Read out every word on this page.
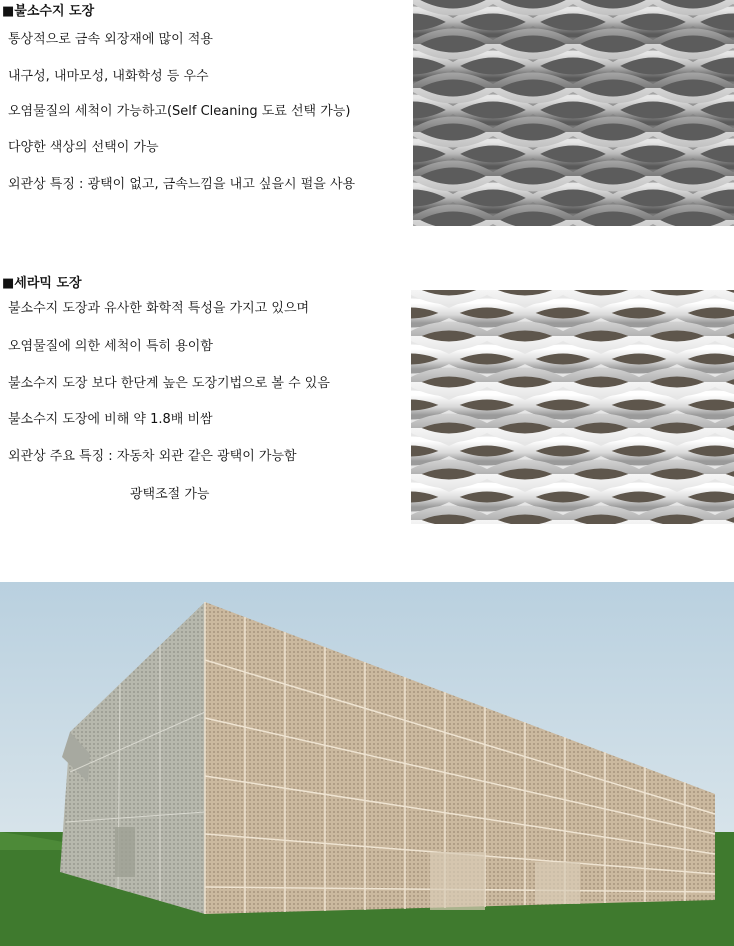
■불소수지 도장
통상적으로 금속 외장재에 많이 적용
내구성, 내마모성, 내화학성 등 우수
오염물질의 세척이 가능하고(Self Cleaning 도료 선택 가능)
다양한 색상의 선택이 가능
외관상 특징 : 광택이 없고, 금속느낌을 내고 싶을시 펄을 사용
■세라믹 도장
불소수지 도장과 유사한 화학적 특성을 가지고 있으며
오염물질에 의한 세척이 특히 용이함
불소수지 도장 보다 한단계 높은 도장기법으로 볼 수 있음
불소수지 도장에 비해 약 1.8배 비쌈
외관상 주요 특징 : 자동차 외관 같은 광택이 가능함
광택조절 가능
